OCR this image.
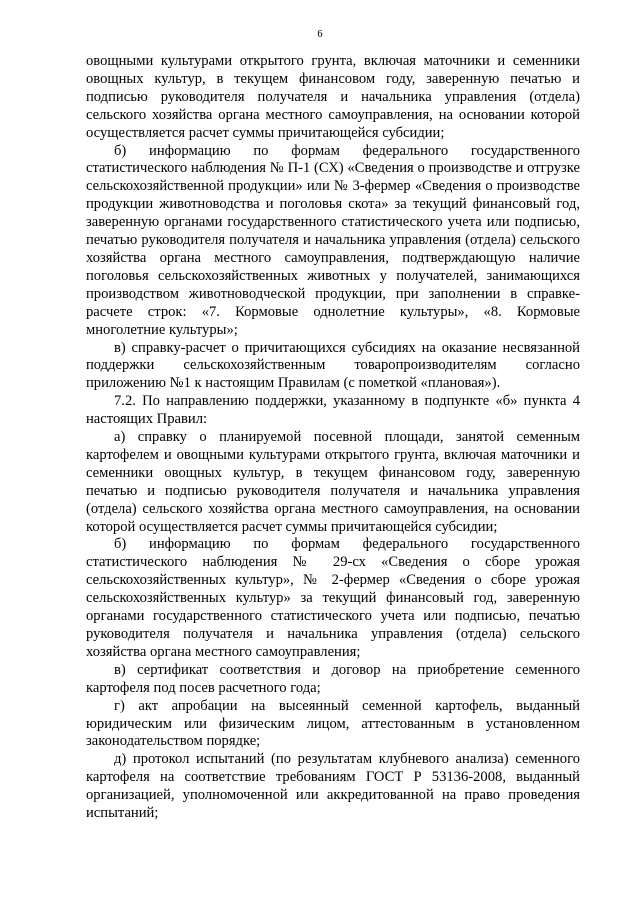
6

овощными культурами открытого грунта, включая маточники и семенники овощных культур, в текущем финансовом году, заверенную печатью и подписью руководителя получателя и начальника управления (отдела) сельского хозяйства органа местного самоуправления, на основании которой осуществляется расчет суммы причитающейся субсидии;

б) информацию по формам федерального государственного статистического наблюдения № П-1 (СХ) «Сведения о производстве и отгрузке сельскохозяйственной продукции» или № 3-фермер «Сведения о производстве продукции животноводства и поголовья скота» за текущий финансовый год, заверенную органами государственного статистического учета или подписью, печатью руководителя получателя и начальника управления (отдела) сельского хозяйства органа местного самоуправления, подтверждающую наличие поголовья сельскохозяйственных животных у получателей, занимающихся производством животноводческой продукции, при заполнении в справке-расчете строк: «7. Кормовые однолетние культуры», «8. Кормовые многолетние культуры»;

в) справку-расчет о причитающихся субсидиях на оказание несвязанной поддержки сельскохозяйственным товаропроизводителям согласно приложению №1 к настоящим Правилам (с пометкой «плановая»).

7.2. По направлению поддержки, указанному в подпункте «б» пункта 4 настоящих Правил:

а) справку о планируемой посевной площади, занятой семенным картофелем и овощными культурами открытого грунта, включая маточники и семенники овощных культур, в текущем финансовом году, заверенную печатью и подписью руководителя получателя и начальника управления (отдела) сельского хозяйства органа местного самоуправления, на основании которой осуществляется расчет суммы причитающейся субсидии;

б) информацию по формам федерального государственного статистического наблюдения № 29-сх «Сведения о сборе урожая сельскохозяйственных культур», № 2-фермер «Сведения о сборе урожая сельскохозяйственных культур» за текущий финансовый год, заверенную органами государственного статистического учета или подписью, печатью руководителя получателя и начальника управления (отдела) сельского хозяйства органа местного самоуправления;

в) сертификат соответствия и договор на приобретение семенного картофеля под посев расчетного года;

г) акт апробации на высеянный семенной картофель, выданный юридическим или физическим лицом, аттестованным в установленном законодательством порядке;

д) протокол испытаний (по результатам клубневого анализа) семенного картофеля на соответствие требованиям ГОСТ Р 53136-2008, выданный организацией, уполномоченной или аккредитованной на право проведения испытаний;
